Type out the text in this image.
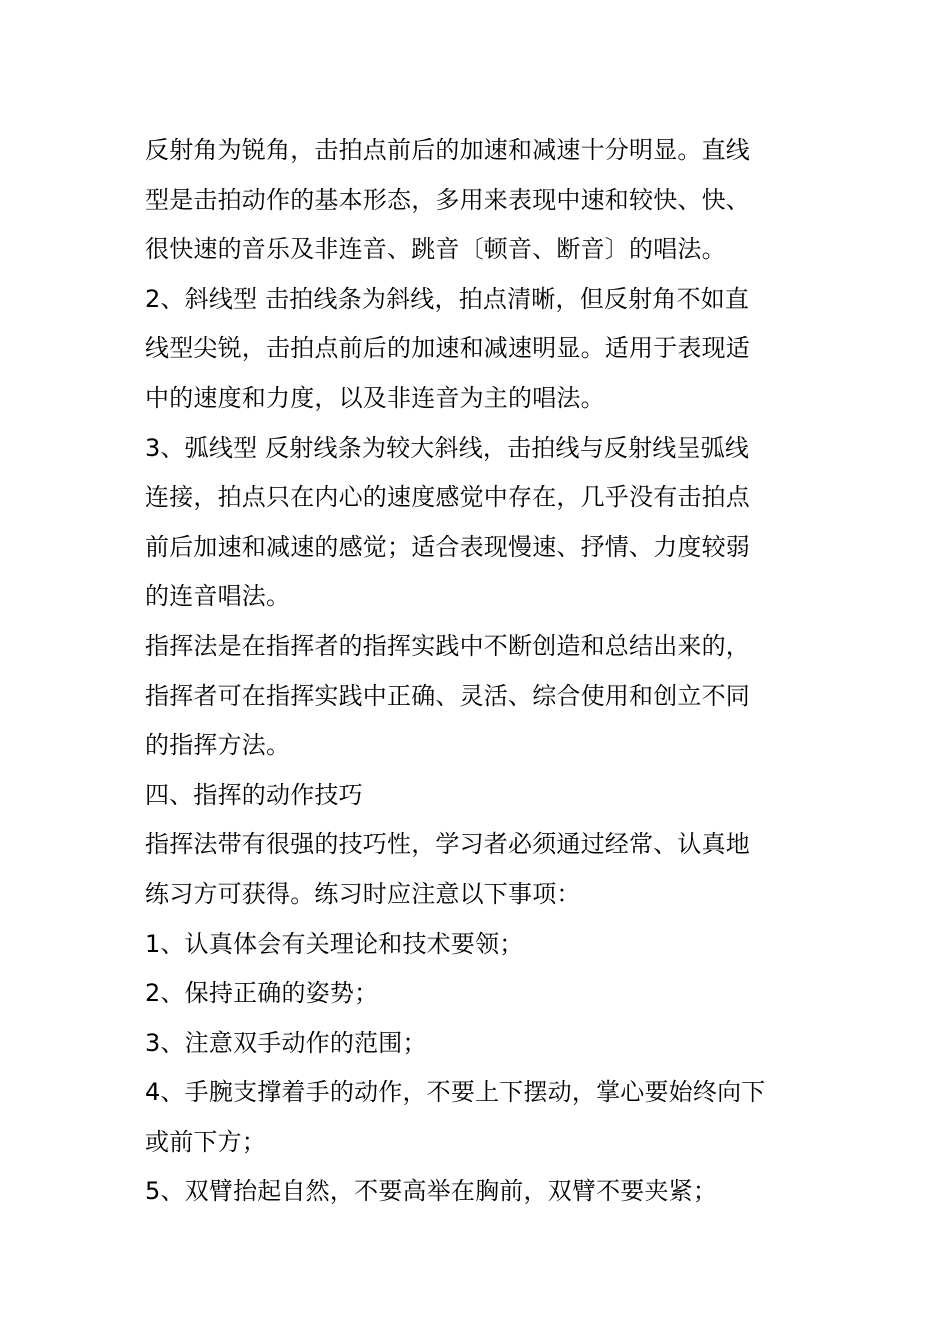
反射角为锐角，击拍点前后的加速和减速十分明显。直线
型是击拍动作的基本形态，多用来表现中速和较快、快、
很快速的音乐及非连音、跳音〔顿音、断音〕的唱法。
2、斜线型 击拍线条为斜线，拍点清晰，但反射角不如直
线型尖锐，击拍点前后的加速和减速明显。适用于表现适
中的速度和力度，以及非连音为主的唱法。
3、弧线型 反射线条为较大斜线，击拍线与反射线呈弧线
连接，拍点只在内心的速度感觉中存在，几乎没有击拍点
前后加速和减速的感觉；适合表现慢速、抒情、力度较弱
的连音唱法。
指挥法是在指挥者的指挥实践中不断创造和总结出来的，
指挥者可在指挥实践中正确、灵活、综合使用和创立不同
的指挥方法。
四、指挥的动作技巧
指挥法带有很强的技巧性，学习者必须通过经常、认真地
练习方可获得。练习时应注意以下事项：
1、认真体会有关理论和技术要领；
2、保持正确的姿势；
3、注意双手动作的范围；
4、手腕支撑着手的动作，不要上下摆动，掌心要始终向下
或前下方；
5、双臂抬起自然，不要高举在胸前，双臂不要夹紧；
